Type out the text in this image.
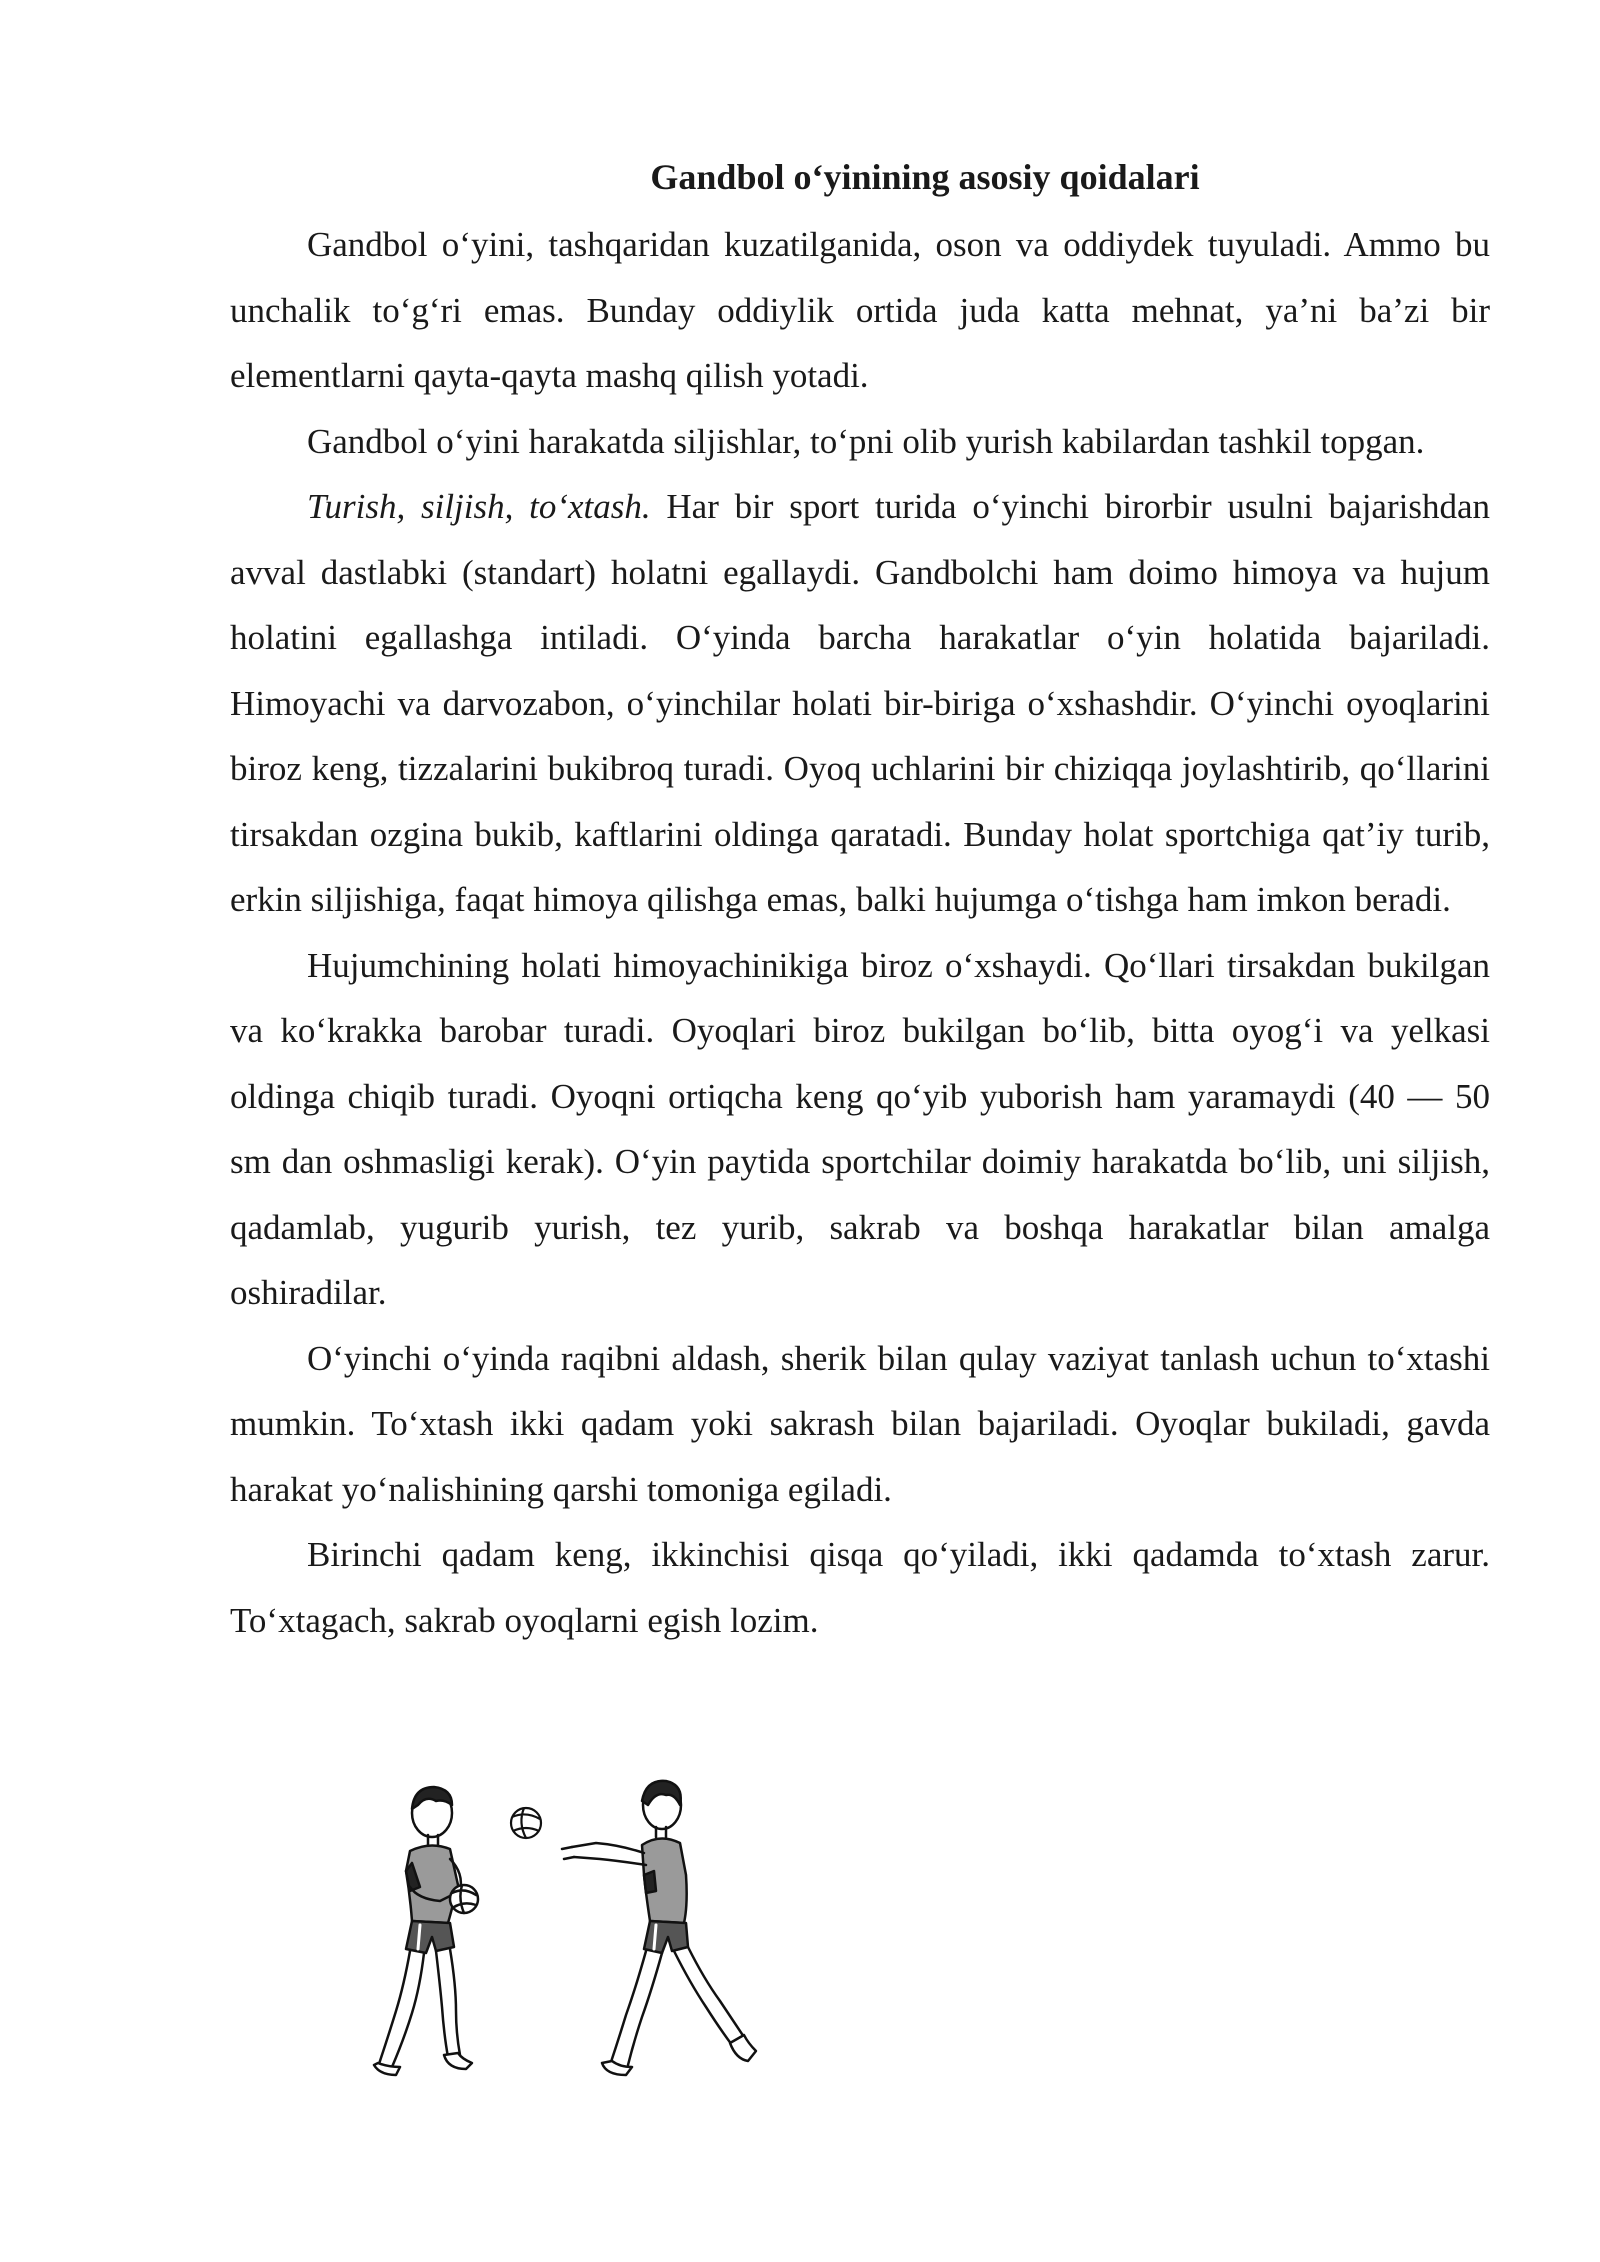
Gandbol o‘yinining asosiy qoidalari

Gandbol o‘yini, tashqaridan kuzatilganida, oson va oddiydek tuyuladi. Ammo bu unchalik to‘g‘ri emas. Bunday oddiylik ortida juda katta mehnat, ya’ni ba’zi bir elementlarni qayta-qayta mashq qilish yotadi.

Gandbol o‘yini harakatda siljishlar, to‘pni olib yurish kabilardan tashkil topgan.

Turish, siljish, to‘xtash. Har bir sport turida o‘yinchi birorbir usulni bajarishdan avval dastlabki (standart) holatni egallaydi. Gandbolchi ham doimo himoya va hujum holatini egallashga intiladi. O‘yinda barcha harakatlar o‘yin holatida bajariladi. Himoyachi va darvozabon, o‘yinchilar holati bir-biriga o‘xshashdir. O‘yinchi oyoqlarini biroz keng, tizzalarini bukibroq turadi. Oyoq uchlarini bir chiziqqa joylashtirib, qo‘llarini tirsakdan ozgina bukib, kaftlarini oldinga qaratadi. Bunday holat sportchiga qat’iy turib, erkin siljishiga, faqat himoya qilishga emas, balki hujumga o‘tishga ham imkon beradi.

Hujumchining holati himoyachinikiga biroz o‘xshaydi. Qo‘llari tirsakdan bukilgan va ko‘krakka barobar turadi. Oyoqlari biroz bukilgan bo‘lib, bitta oyog‘i va yelkasi oldinga chiqib turadi. Oyoqni ortiqcha keng qo‘yib yuborish ham yaramaydi (40 — 50 sm dan oshmasligi kerak). O‘yin paytida sportchilar doimiy harakatda bo‘lib, uni siljish, qadamlab, yugurib yurish, tez yurib, sakrab va boshqa harakatlar bilan amalga oshiradilar.

O‘yinchi o‘yinda raqibni aldash, sherik bilan qulay vaziyat tanlash uchun to‘xtashi mumkin. To‘xtash ikki qadam yoki sakrash bilan bajariladi. Oyoqlar bukiladi, gavda harakat yo‘nalishining qarshi tomoniga egiladi.

Birinchi qadam keng, ikkinchisi qisqa qo‘yiladi, ikki qadamda to‘xtash zarur. To‘xtagach, sakrab oyoqlarni egish lozim.
